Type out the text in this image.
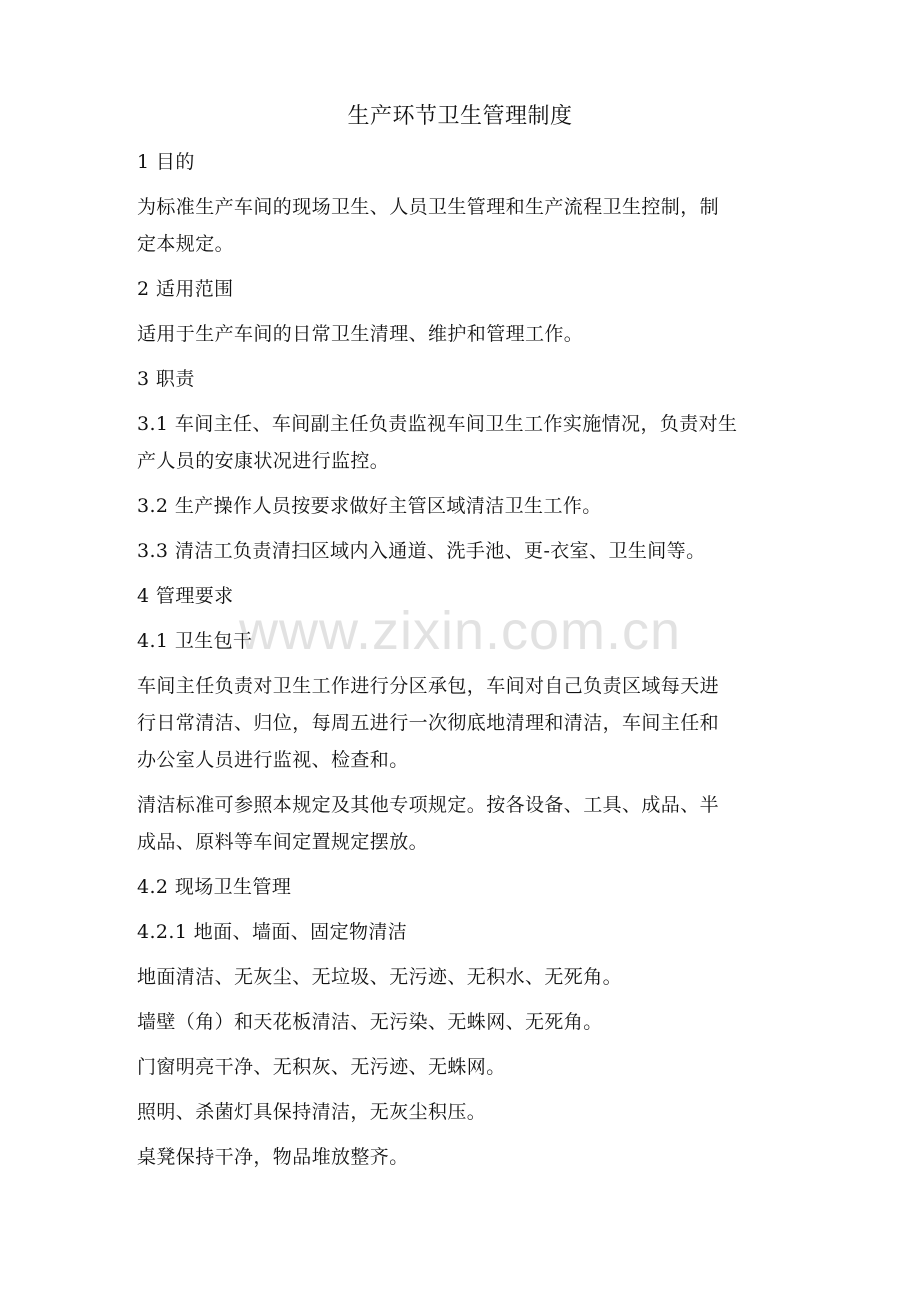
生产环节卫生管理制度

1 目的

为标准生产车间的现场卫生、人员卫生管理和生产流程卫生控制，制
定本规定。

2 适用范围

适用于生产车间的日常卫生清理、维护和管理工作。

3 职责

3.1 车间主任、车间副主任负责监视车间卫生工作实施情况，负责对生
产人员的安康状况进行监控。

3.2 生产操作人员按要求做好主管区域清洁卫生工作。

3.3 清洁工负责清扫区域内入通道、洗手池、更-衣室、卫生间等。

4 管理要求

4.1 卫生包干

车间主任负责对卫生工作进行分区承包，车间对自己负责区域每天进
行日常清洁、归位，每周五进行一次彻底地清理和清洁，车间主任和
办公室人员进行监视、检查和。

清洁标准可参照本规定及其他专项规定。按各设备、工具、成品、半
成品、原料等车间定置规定摆放。

4.2 现场卫生管理

4.2.1 地面、墙面、固定物清洁

地面清洁、无灰尘、无垃圾、无污迹、无积水、无死角。

墙壁（角）和天花板清洁、无污染、无蛛网、无死角。

门窗明亮干净、无积灰、无污迹、无蛛网。

照明、杀菌灯具保持清洁，无灰尘积压。

桌凳保持干净，物品堆放整齐。

www.zixin.com.cn
